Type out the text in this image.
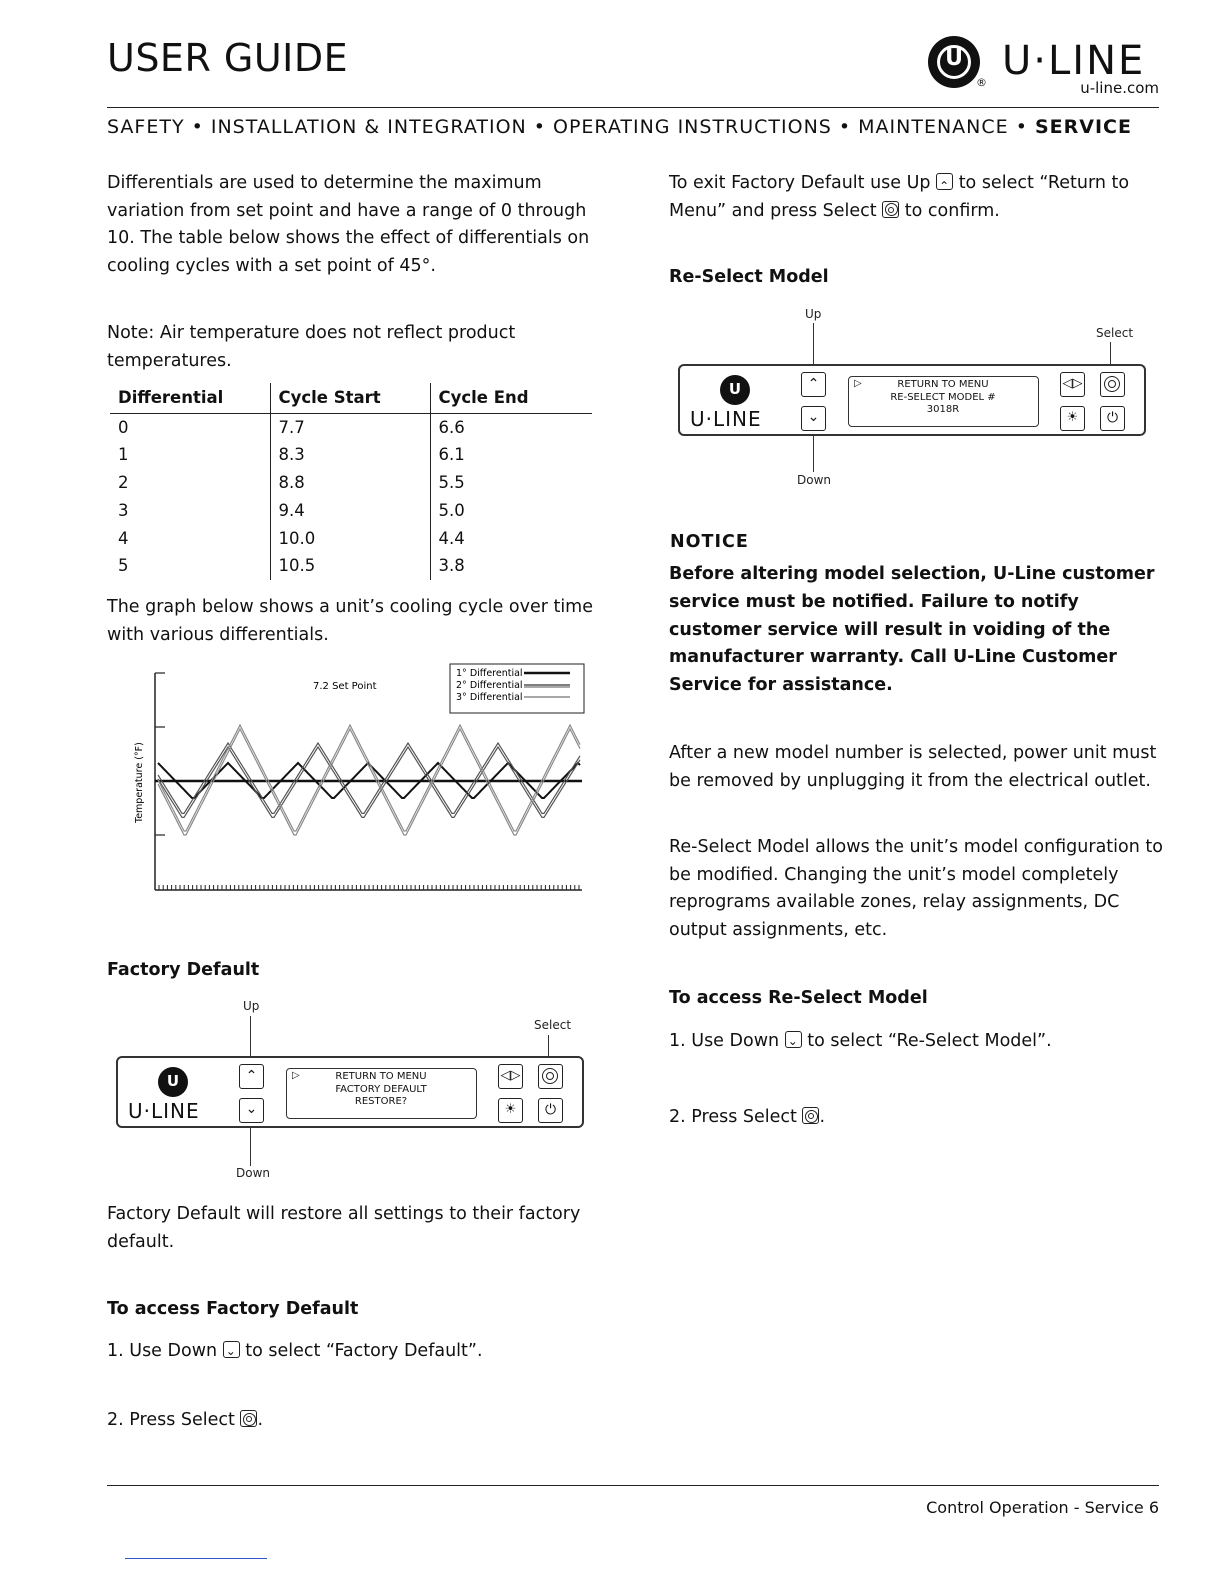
USER GUIDE	U
® U·LINE
u-line.com
SAFETY • INSTALLATION & INTEGRATION • OPERATING INSTRUCTIONS • MAINTENANCE • SERVICE
Differentials are used to determine the maximum variation from set point and have a range of 0 through 10. The table below shows the effect of differentials on cooling cycles with a set point of 45°.
Note: Air temperature does not reflect product temperatures.
Differential	Cycle Start	Cycle End
0	7.7	6.6
1	8.3	6.1
2	8.8	5.5
3	9.4	5.0
4	10.0	4.4
5	10.5	3.8
The graph below shows a unit’s cooling cycle over time with various differentials.
7.2 Set Point
Temperature (°F)
1° Differential
2° Differential
3° Differential
Factory Default
Up
Select
U
U·LINE
⌃
⌄
▷	RETURN TO MENU
FACTORY DEFAULT
RESTORE?
◁▷
☀	⏻
Down
Factory Default will restore all settings to their factory default.
To access Factory Default
1. Use Down ⌄ to select “Factory Default”.
2. Press Select .
To exit Factory Default use Up ⌃ to select “Return to
Menu” and press Select  to confirm.
Re-Select Model
Up
Select
U
U·LINE
⌃
⌄
▷	RETURN TO MENU
RE-SELECT MODEL #
3018R
◁▷
☀	⏻
Down
NOTICE
Before altering model selection, U-Line customer service must be notified. Failure to notify customer service will result in voiding of the manufacturer warranty. Call U-Line Customer Service for assistance.
After a new model number is selected, power unit must be removed by unplugging it from the electrical outlet.
Re-Select Model allows the unit’s model configuration to be modified. Changing the unit’s model completely reprograms available zones, relay assignments, DC output assignments, etc.
To access Re-Select Model
1. Use Down ⌄ to select “Re-Select Model”.
2. Press Select .
Control Operation - Service 6
